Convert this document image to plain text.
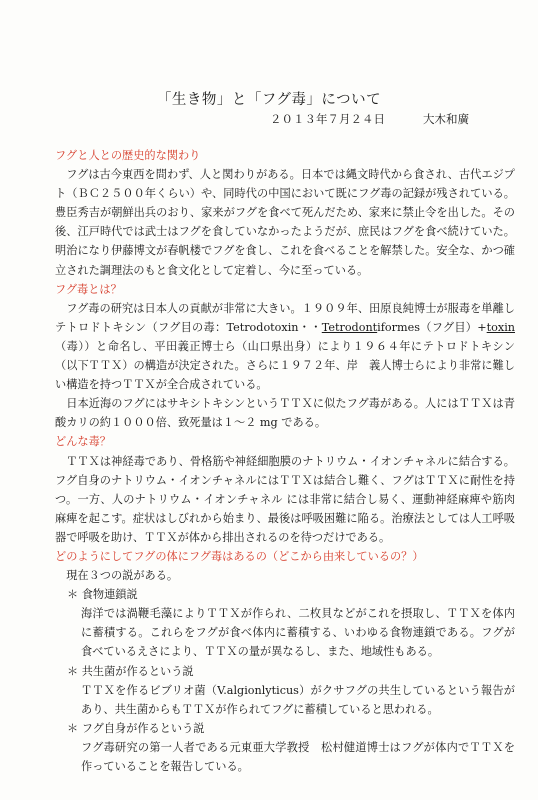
「生き物」と「フグ毒」について
２０１３年７月２４日	大木和廣
フグと人との歴史的な関わり

フグは古今東西を問わず、人と関わりがある。日本では縄文時代から食され、古代エジプト（ＢＣ２５００年くらい）や、同時代の中国において既にフグ毒の記録が残されている。豊臣秀吉が朝鮮出兵のおり、家来がフグを食べて死んだため、家来に禁止令を出した。その後、江戸時代では武士はフグを食していなかったようだが、庶民はフグを食べ続けていた。明治になり伊藤博文が春帆楼でフグを食し、これを食べることを解禁した。安全な、かつ確立された調理法のもと食文化として定着し、今に至っている。

フグ毒とは？

フグ毒の研究は日本人の貢献が非常に大きい。１９０９年、田原良純博士が服毒を単離しテトロドトキシン（フグ目の毒：Tetrodotoxin・・Tetrodontiformes（フグ目）+toxin（毒））と命名し、平田義正博士ら（山口県出身）により１９６４年にテトロドトキシン（以下ＴＴＸ）の構造が決定された。さらに１９７２年、岸　義人博士らにより非常に難しい構造を持つＴＴＸが全合成されている。

日本近海のフグにはサキシトキシンというＴＴＸに似たフグ毒がある。人にはＴＴＸは青酸カリの約１０００倍、致死量は１～２ mg である。

どんな毒？

ＴＴＸは神経毒であり、骨格筋や神経細胞膜のナトリウム・イオンチャネルに結合する。フグ自身のナトリウム・イオンチャネルにはＴＴＸは結合し難く、フグはＴＴＸに耐性を持つ。一方、人のナトリウム・イオンチャネル には非常に結合し易く、運動神経麻痺や筋肉麻痺を起こす。症状はしびれから始まり、最後は呼吸困難に陥る。治療法としては人工呼吸器で呼吸を助け、ＴＴＸが体から排出されるのを待つだけである。

どのようにしてフグの体にフグ毒はあるの（どこから由来しているの？）
現在３つの説がある。
＊ 食物連鎖説

海洋では渦鞭毛藻によりＴＴＸが作られ、二枚貝などがこれを摂取し、ＴＴＸを体内に蓄積する。これらをフグが食べ体内に蓄積する、いわゆる食物連鎖である。フグが食べているえさにより、ＴＴＸの量が異なるし、また、地域性もある。

＊ 共生菌が作るという説

ＴＴＸを作るビブリオ菌（V.algionlyticus）がクサフグの共生しているという報告があり、共生菌からもＴＴＸが作られてフグに蓄積していると思われる。

＊ フグ自身が作るという説

フグ毒研究の第一人者である元東亜大学教授　松村健道博士はフグが体内でＴＴＸを作っていることを報告している。
